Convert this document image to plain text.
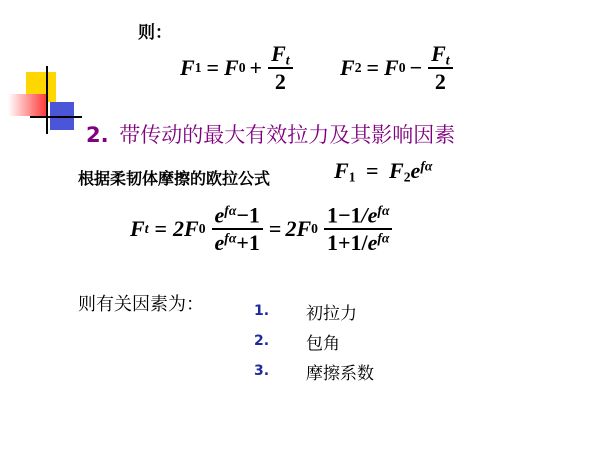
则：
F 1 = F $0 + \frac{F_t}{2}$ F 2 = F $0 - \frac{F_t}{2}$
2. 带传动的最大有效拉力及其影响因素
根据柔韧体摩擦的欧拉公式	$F_1 = F_2e^{f\alpha}$
F t = 2F $0 \frac{e^{f\alpha}-1}{e^{f\alpha}+1} = 2F$ $0 \frac{1-1/e^{f\alpha}}{1+1/e^{f\alpha}}$
则有关因素为：	1.	初拉力
2.	包角
3.	摩擦系数
